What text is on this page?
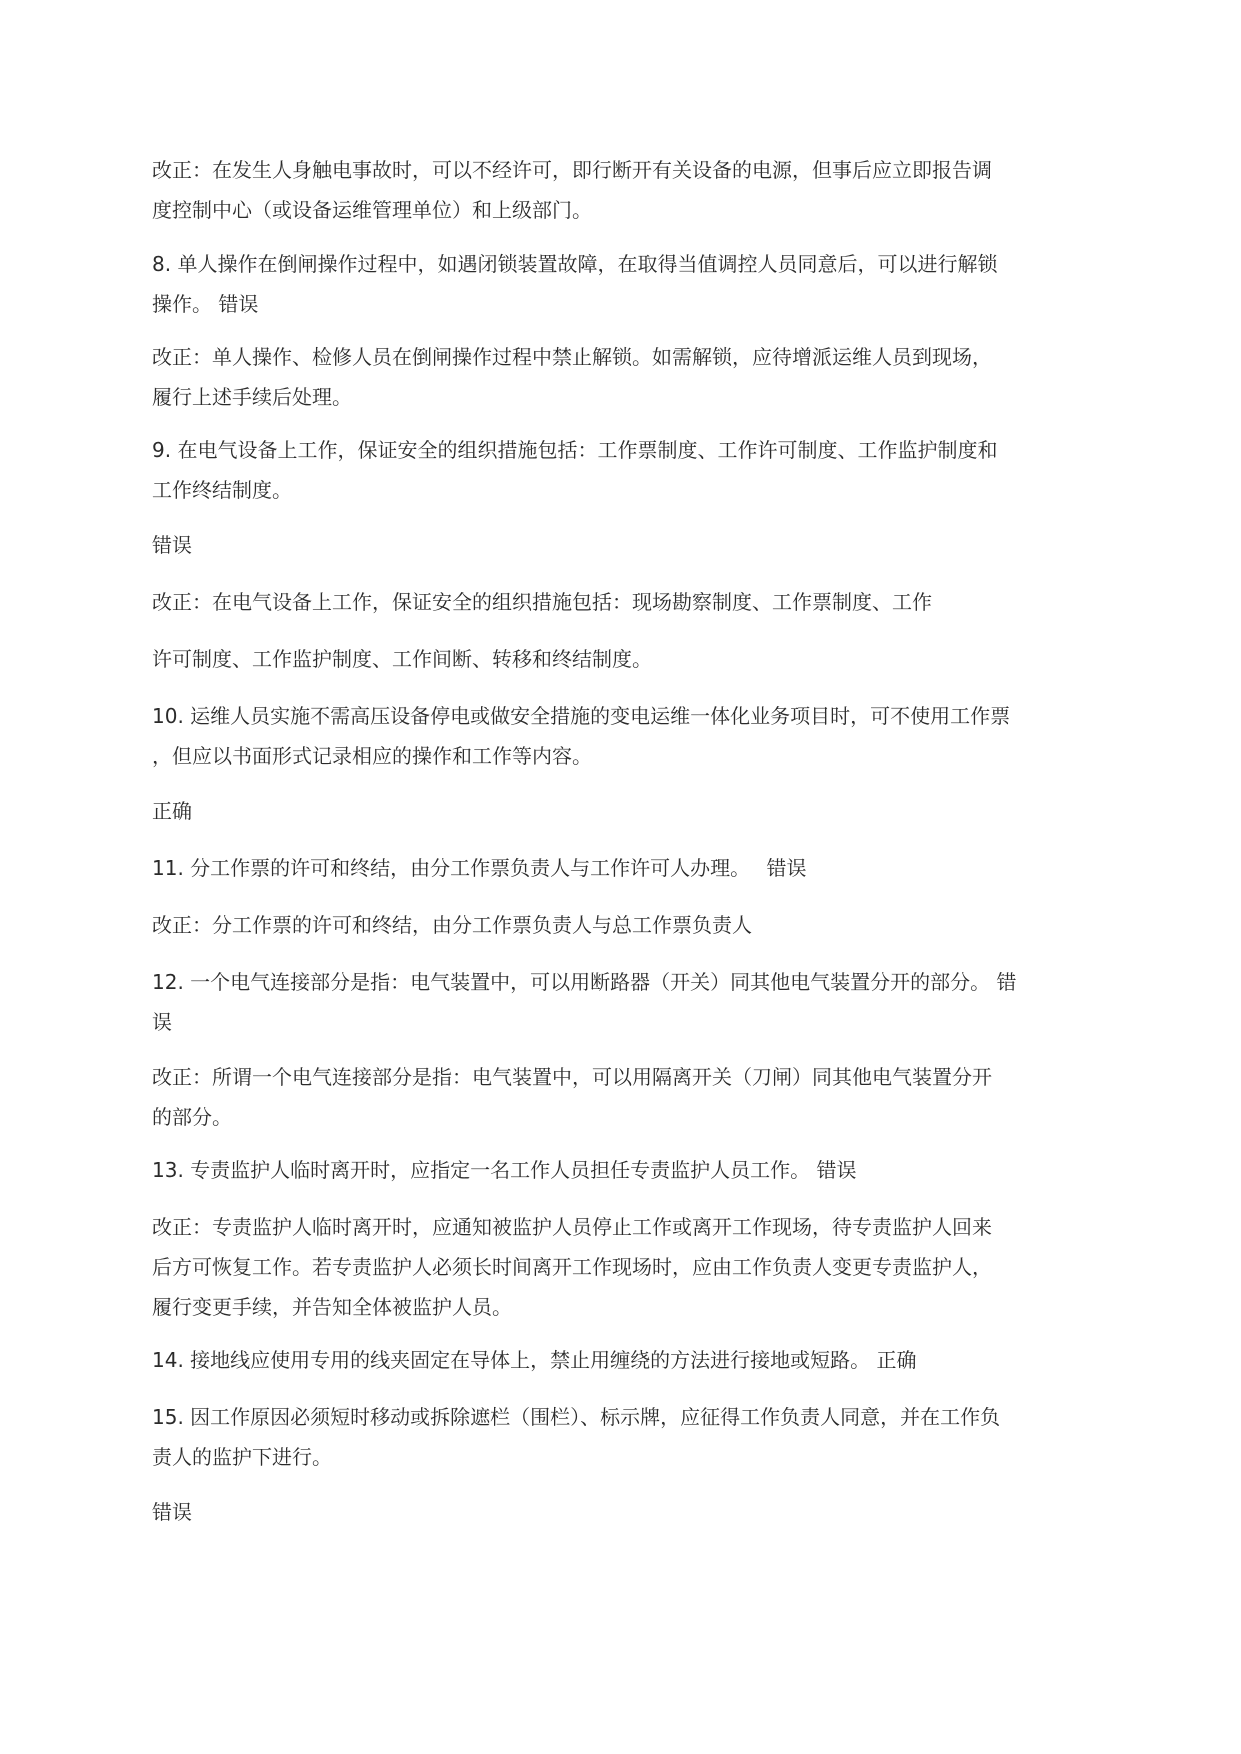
改正：在发生人身触电事故时，可以不经许可，即行断开有关设备的电源，但事后应立即报告调
度控制中心（或设备运维管理单位）和上级部门。

8. 单人操作在倒闸操作过程中，如遇闭锁装置故障，在取得当值调控人员同意后，可以进行解锁
操作。 错误

改正：单人操作、检修人员在倒闸操作过程中禁止解锁。如需解锁，应待增派运维人员到现场，
履行上述手续后处理。

9. 在电气设备上工作，保证安全的组织措施包括：工作票制度、工作许可制度、工作监护制度和
工作终结制度。

错误

改正：在电气设备上工作，保证安全的组织措施包括：现场勘察制度、工作票制度、工作

许可制度、工作监护制度、工作间断、转移和终结制度。

10. 运维人员实施不需高压设备停电或做安全措施的变电运维一体化业务项目时，可不使用工作票
，但应以书面形式记录相应的操作和工作等内容。

正确

11. 分工作票的许可和终结，由分工作票负责人与工作许可人办理。　 错误

改正：分工作票的许可和终结，由分工作票负责人与总工作票负责人

12. 一个电气连接部分是指：电气装置中，可以用断路器（开关）同其他电气装置分开的部分。 错
误

改正：所谓一个电气连接部分是指：电气装置中，可以用隔离开关（刀闸）同其他电气装置分开
的部分。

13. 专责监护人临时离开时，应指定一名工作人员担任专责监护人员工作。 错误

改正：专责监护人临时离开时，应通知被监护人员停止工作或离开工作现场，待专责监护人回来
后方可恢复工作。若专责监护人必须长时间离开工作现场时，应由工作负责人变更专责监护人，
履行变更手续，并告知全体被监护人员。

14. 接地线应使用专用的线夹固定在导体上，禁止用缠绕的方法进行接地或短路。 正确

15. 因工作原因必须短时移动或拆除遮栏（围栏）、标示牌，应征得工作负责人同意，并在工作负
责人的监护下进行。

错误
